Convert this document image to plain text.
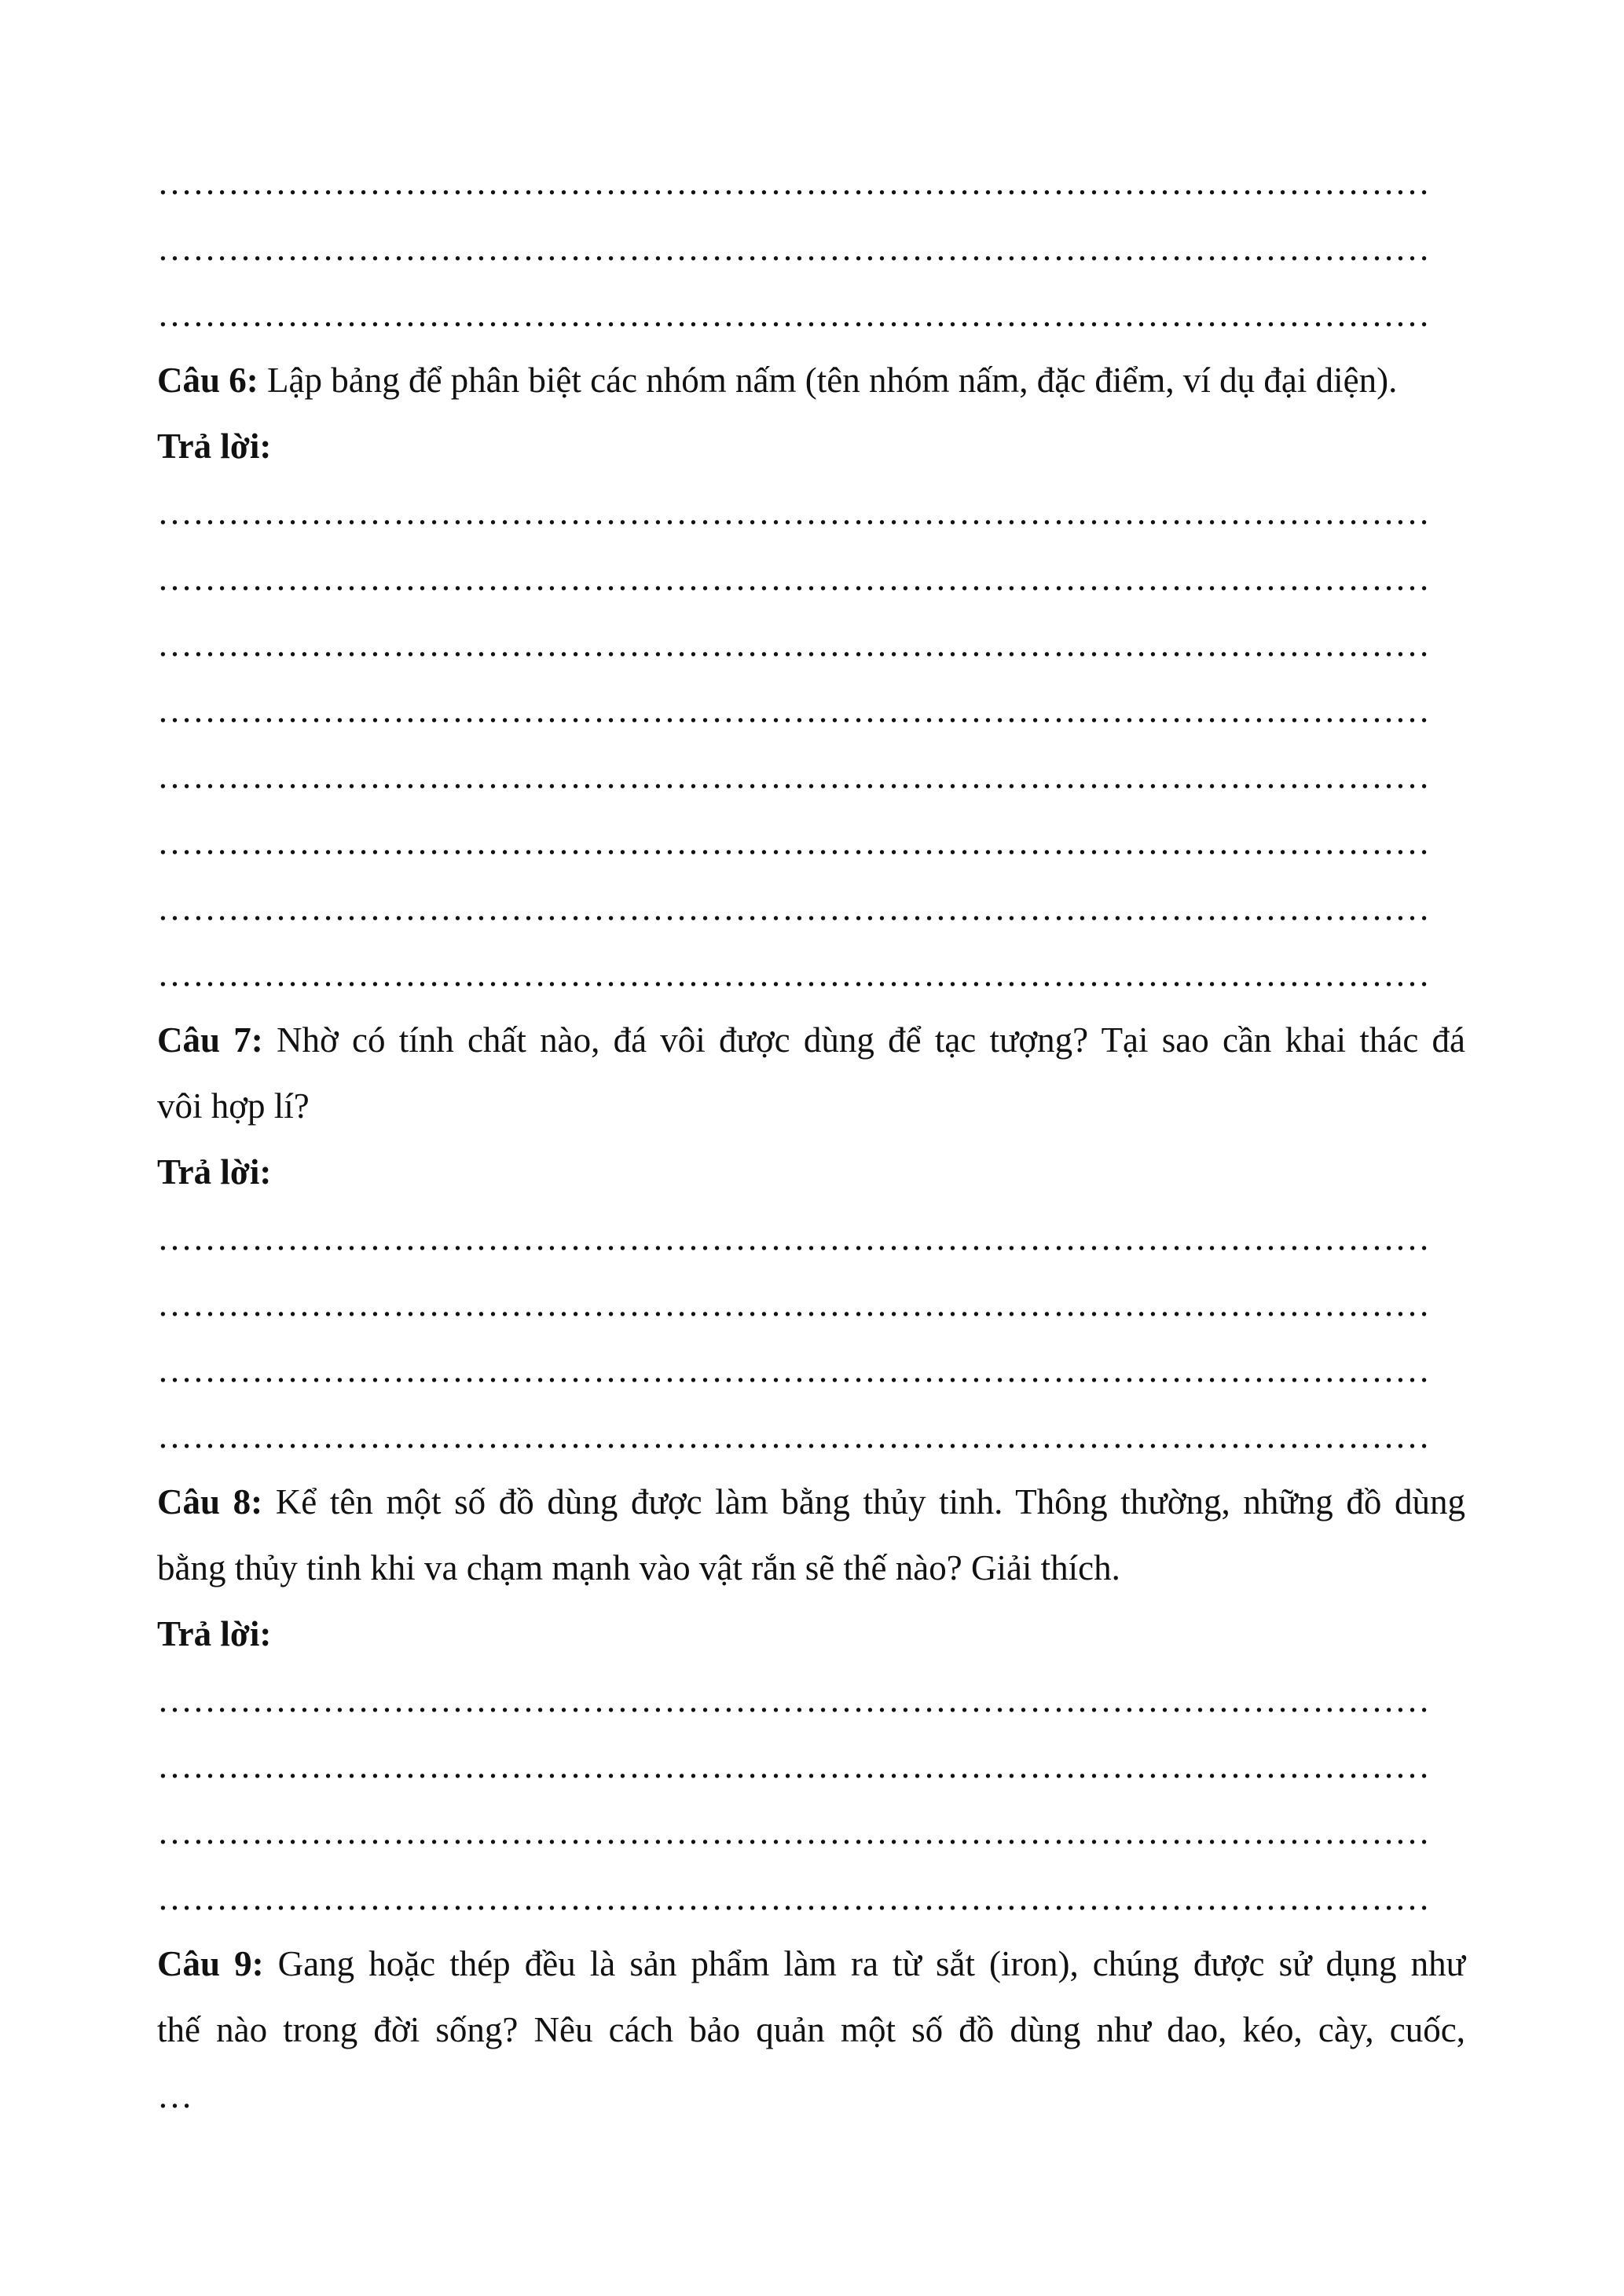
………………………………………………………………………………………………
………………………………………………………………………………………………
………………………………………………………………………………………………
Câu 6: Lập bảng để phân biệt các nhóm nấm (tên nhóm nấm, đặc điểm, ví dụ đại diện).
Trả lời:
………………………………………………………………………………………………
………………………………………………………………………………………………
………………………………………………………………………………………………
………………………………………………………………………………………………
………………………………………………………………………………………………
………………………………………………………………………………………………
………………………………………………………………………………………………
………………………………………………………………………………………………
Câu 7: Nhờ có tính chất nào, đá vôi được dùng để tạc tượng? Tại sao cần khai thác đá
vôi hợp lí?
Trả lời:
………………………………………………………………………………………………
………………………………………………………………………………………………
………………………………………………………………………………………………
………………………………………………………………………………………………
Câu 8: Kể tên một số đồ dùng được làm bằng thủy tinh. Thông thường, những đồ dùng
bằng thủy tinh khi va chạm mạnh vào vật rắn sẽ thế nào? Giải thích.
Trả lời:
………………………………………………………………………………………………
………………………………………………………………………………………………
………………………………………………………………………………………………
………………………………………………………………………………………………
Câu 9: Gang hoặc thép đều là sản phẩm làm ra từ sắt (iron), chúng được sử dụng như
thế nào trong đời sống? Nêu cách bảo quản một số đồ dùng như dao, kéo, cày, cuốc,
…
